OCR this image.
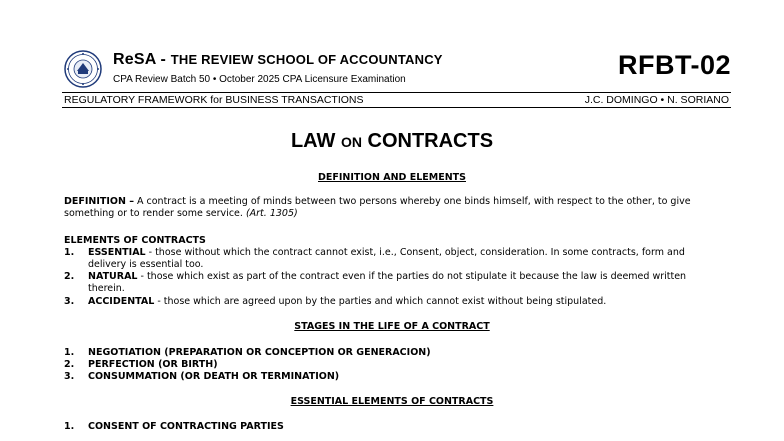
ReSA - THE REVIEW SCHOOL OF ACCOUNTANCY
CPA Review Batch 50 • October 2025 CPA Licensure Examination	RFBT-02
REGULATORY FRAMEWORK for BUSINESS TRANSACTIONS	J.C. DOMINGO • N. SORIANO
LAW ON CONTRACTS
DEFINITION AND ELEMENTS
DEFINITION – A contract is a meeting of minds between two persons whereby one binds himself, with respect to the other, to give something or to render some service. (Art. 1305)
ELEMENTS OF CONTRACTS
1. ESSENTIAL - those without which the contract cannot exist, i.e., Consent, object, consideration. In some contracts, form and delivery is essential too.
2. NATURAL - those which exist as part of the contract even if the parties do not stipulate it because the law is deemed written therein.
3. ACCIDENTAL - those which are agreed upon by the parties and which cannot exist without being stipulated.
STAGES IN THE LIFE OF A CONTRACT
1. NEGOTIATION (PREPARATION OR CONCEPTION OR GENERACION)
2. PERFECTION (OR BIRTH)
3. CONSUMMATION (OR DEATH OR TERMINATION)
ESSENTIAL ELEMENTS OF CONTRACTS
1. CONSENT OF CONTRACTING PARTIES
